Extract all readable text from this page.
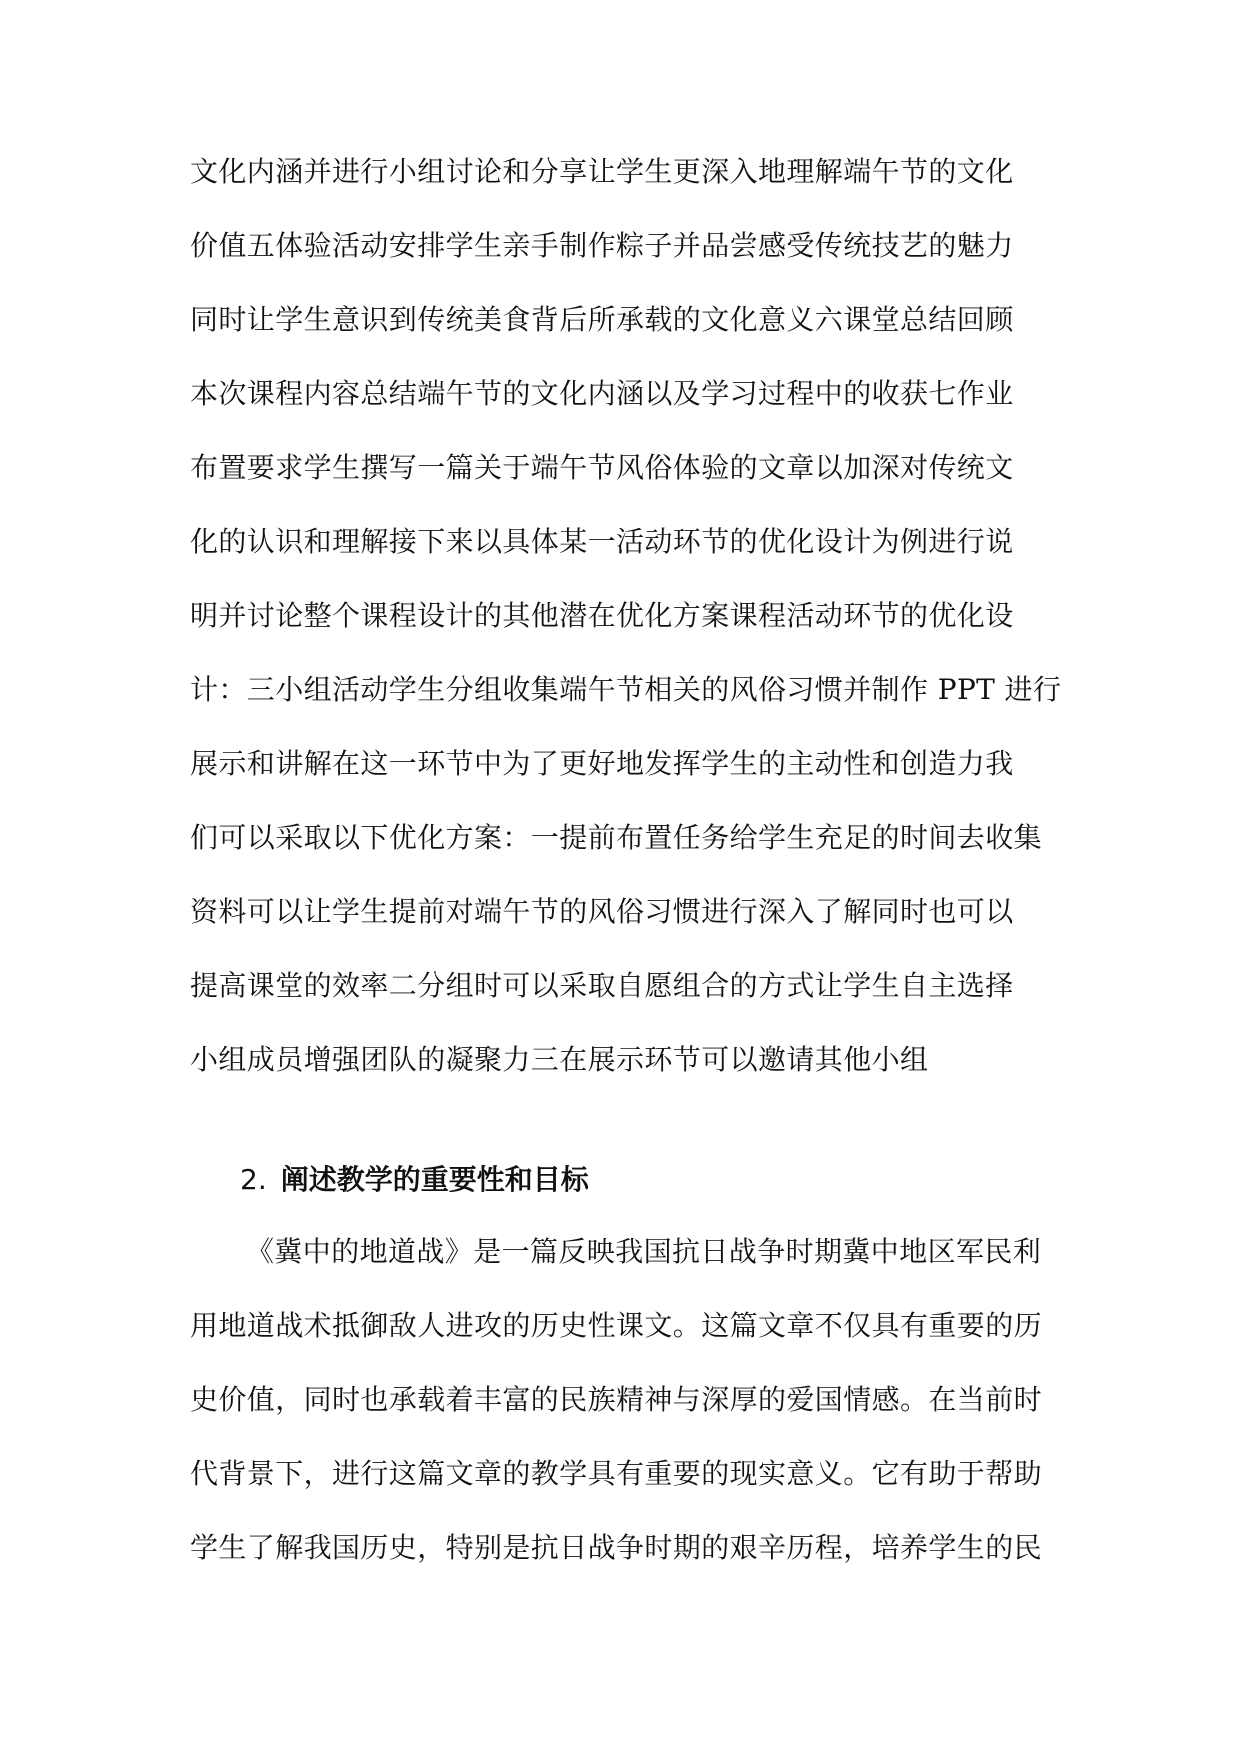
文化内涵并进行小组讨论和分享让学生更深入地理解端午节的文化
价值五体验活动安排学生亲手制作粽子并品尝感受传统技艺的魅力
同时让学生意识到传统美食背后所承载的文化意义六课堂总结回顾
本次课程内容总结端午节的文化内涵以及学习过程中的收获七作业
布置要求学生撰写一篇关于端午节风俗体验的文章以加深对传统文
化的认识和理解接下来以具体某一活动环节的优化设计为例进行说
明并讨论整个课程设计的其他潜在优化方案课程活动环节的优化设
计：三小组活动学生分组收集端午节相关的风俗习惯并制作 PPT 进行
展示和讲解在这一环节中为了更好地发挥学生的主动性和创造力我
们可以采取以下优化方案：一提前布置任务给学生充足的时间去收集
资料可以让学生提前对端午节的风俗习惯进行深入了解同时也可以
提高课堂的效率二分组时可以采取自愿组合的方式让学生自主选择
小组成员增强团队的凝聚力三在展示环节可以邀请其他小组
2. 阐述教学的重要性和目标
《冀中的地道战》是一篇反映我国抗日战争时期冀中地区军民利
用地道战术抵御敌人进攻的历史性课文。这篇文章不仅具有重要的历
史价值，同时也承载着丰富的民族精神与深厚的爱国情感。在当前时
代背景下，进行这篇文章的教学具有重要的现实意义。它有助于帮助
学生了解我国历史，特别是抗日战争时期的艰辛历程，培养学生的民
